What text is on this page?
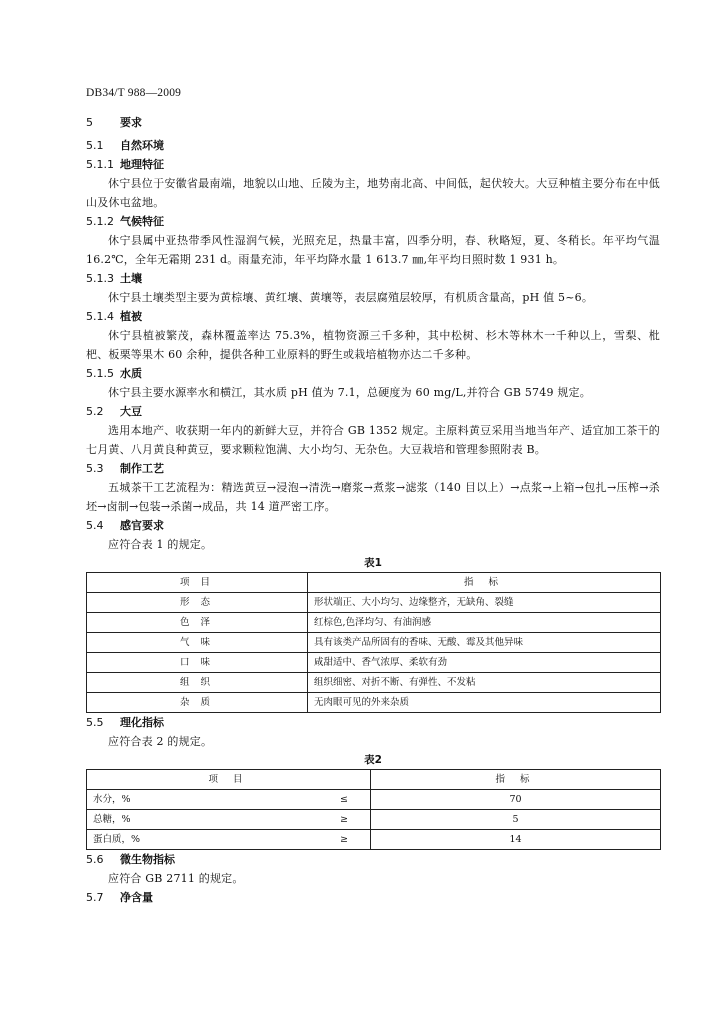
DB34/T 988—2009

5 要求

5.1 自然环境

5.1.1 地理特征

休宁县位于安徽省最南端，地貌以山地、丘陵为主，地势南北高、中间低，起伏较大。大豆种植主要分布在中低山及休屯盆地。

5.1.2 气候特征

休宁县属中亚热带季风性湿润气候，光照充足，热量丰富，四季分明，春、秋略短，夏、冬稍长。年平均气温 16.2℃，全年无霜期 231 d。雨量充沛，年平均降水量 1 613.7 ㎜,年平均日照时数 1 931 h。

5.1.3 土壤

休宁县土壤类型主要为黄棕壤、黄红壤、黄壤等，表层腐殖层较厚，有机质含量高，pH 值 5~6。

5.1.4 植被

休宁县植被繁茂，森林覆盖率达 75.3%，植物资源三千多种，其中松树、杉木等林木一千种以上，雪梨、枇杷、板栗等果木 60 余种，提供各种工业原料的野生或栽培植物亦达二千多种。

5.1.5 水质

休宁县主要水源率水和横江，其水质 pH 值为 7.1，总硬度为 60 mg/L,并符合 GB 5749 规定。

5.2 大豆

选用本地产、收获期一年内的新鲜大豆，并符合 GB 1352 规定。主原料黄豆采用当地当年产、适宜加工茶干的七月黄、八月黄良种黄豆，要求颗粒饱满、大小均匀、无杂色。大豆栽培和管理参照附表 B。

5.3 制作工艺

五城茶干工艺流程为：精选黄豆→浸泡→清洗→磨浆→煮浆→滤浆（140 目以上）→点浆→上箱→包扎→压榨→杀坯→卤制→包装→杀菌→成品，共 14 道严密工序。

5.4 感官要求

应符合表 1 的规定。

表1

项 目	指 标
形 态	形状端正、大小均匀、边缘整齐，无缺角、裂缝
色 泽	红棕色,色泽均匀、有油润感
气 味	具有该类产品所固有的香味、无酸、霉及其他异味
口 味	咸甜适中、香气浓厚、柔软有劲
组 织	组织细密、对折不断、有弹性、不发粘
杂 质	无肉眼可见的外来杂质

5.5 理化指标

应符合表 2 的规定。

表2

项 目		指 标
水分，%	≤	70
总糖，%	≥	5
蛋白质，%	≥	14

5.6 微生物指标

应符合 GB 2711 的规定。

5.7 净含量
